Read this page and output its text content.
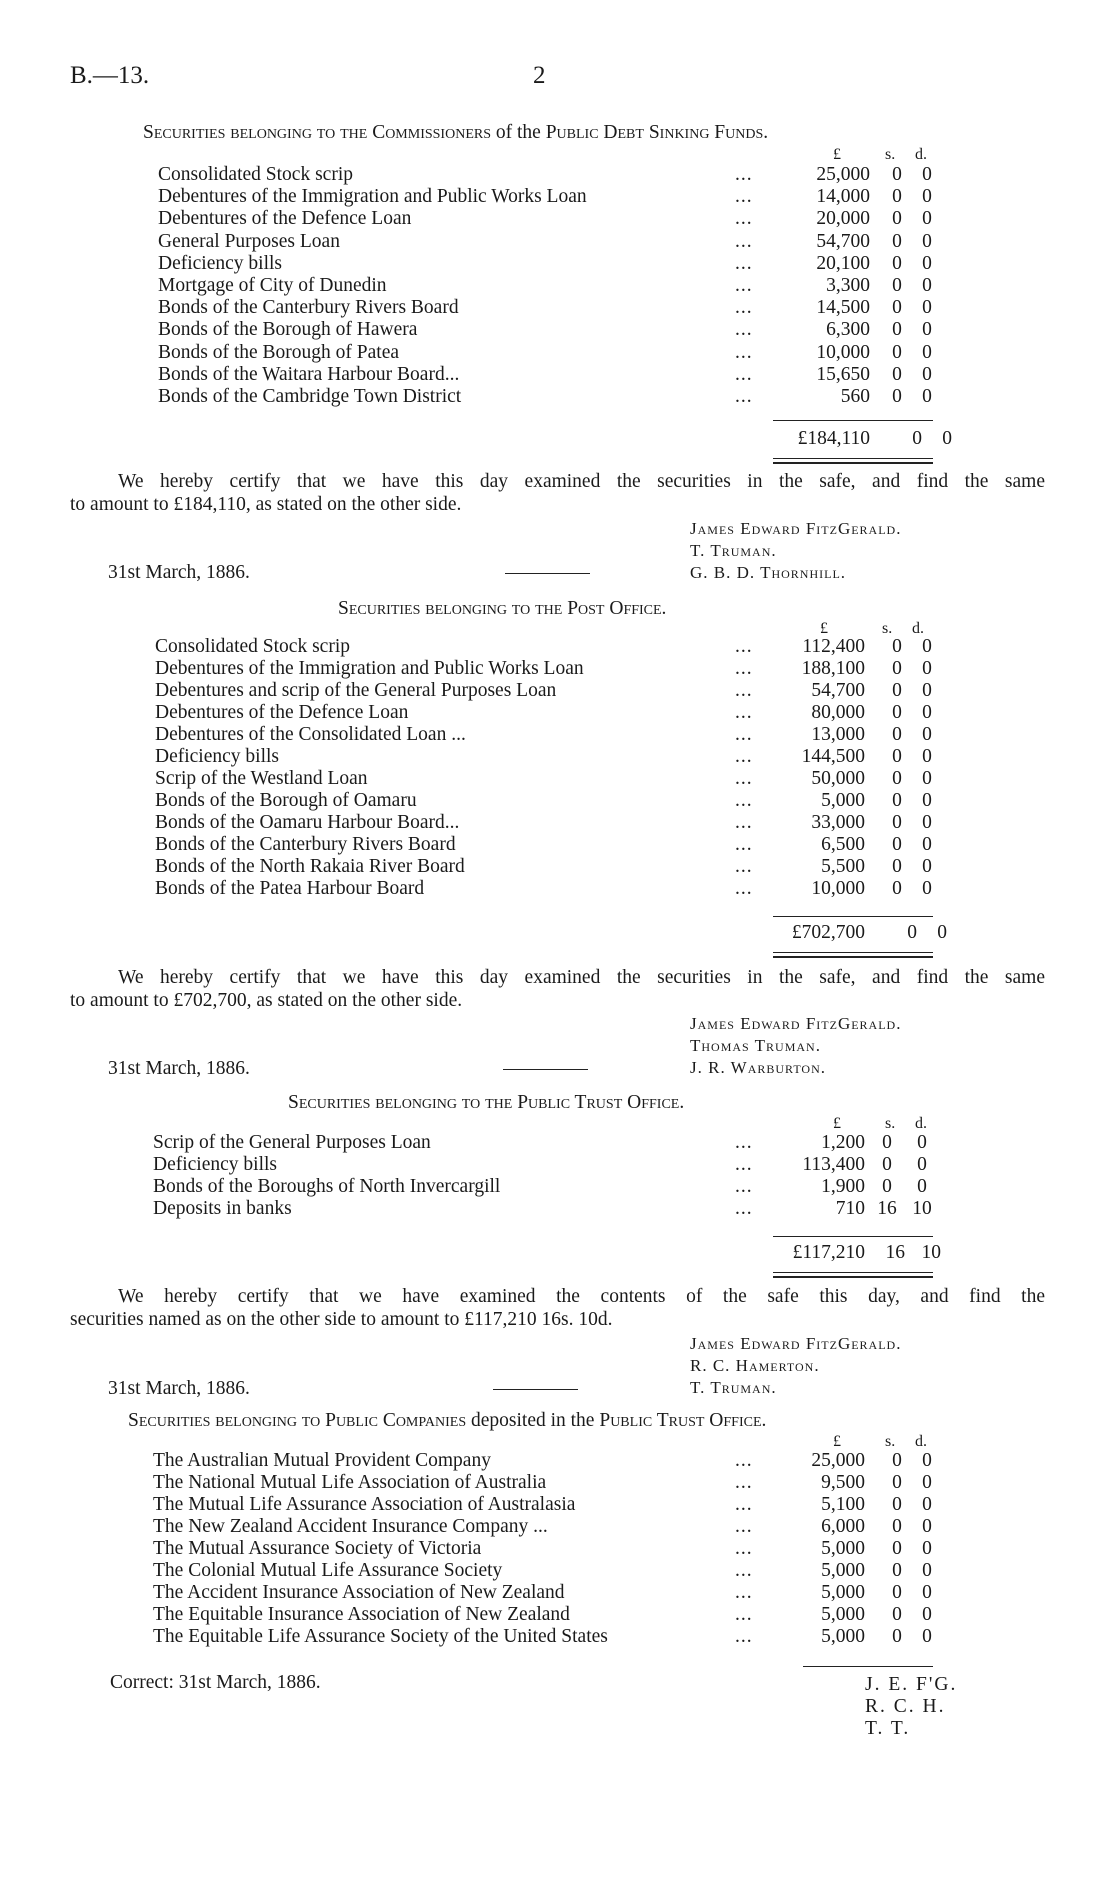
B.—13.	2
Securities belonging to the Commissioners of the Public Debt Sinking Funds.
£	s. d.
Consolidated Stock scrip	...	25,000	0	0
Debentures of the Immigration and Public Works Loan	...	14,000	0	0
Debentures of the Defence Loan	...	20,000	0	0
General Purposes Loan	...	54,700	0	0
Deficiency bills	...	20,100	0	0
Mortgage of City of Dunedin	...	3,300	0	0
Bonds of the Canterbury Rivers Board	...	14,500	0	0
Bonds of the Borough of Hawera	...	6,300	0	0
Bonds of the Borough of Patea	...	10,000	0	0
Bonds of the Waitara Harbour Board...	...	15,650	0	0
Bonds of the Cambridge Town District	...	560	0	0
£184,110 0 0
We hereby certify that we have this day examined the securities in the safe, and find the same
to amount to £184,110, as stated on the other side.
James Edward FitzGerald.
T. Truman.
31st March, 1886.	G. B. D. Thornhill.
Securities belonging to the Post Office.
£	s. d.
Consolidated Stock scrip	...	112,400	0	0
Debentures of the Immigration and Public Works Loan	...	188,100	0	0
Debentures and scrip of the General Purposes Loan	...	54,700	0	0
Debentures of the Defence Loan	...	80,000	0	0
Debentures of the Consolidated Loan ...	...	13,000	0	0
Deficiency bills	...	144,500	0	0
Scrip of the Westland Loan	...	50,000	0	0
Bonds of the Borough of Oamaru	...	5,000	0	0
Bonds of the Oamaru Harbour Board...	...	33,000	0	0
Bonds of the Canterbury Rivers Board	...	6,500	0	0
Bonds of the North Rakaia River Board	...	5,500	0	0
Bonds of the Patea Harbour Board	...	10,000	0	0
£702,700 0 0
We hereby certify that we have this day examined the securities in the safe, and find the same
to amount to £702,700, as stated on the other side.
James Edward FitzGerald.
Thomas Truman.
31st March, 1886.	J. R. Warburton.
Securities belonging to the Public Trust Office.
£	s. d.
Scrip of the General Purposes Loan	...	1,200 0	0
Deficiency bills	...	113,400 0	0
Bonds of the Boroughs of North Invercargill	...	1,900 0	0
Deposits in banks	...	710 16 10
£117,210 16 10
We hereby certify that we have examined the contents of the safe this day, and find the
securities named as on the other side to amount to £117,210 16s. 10d.
James Edward FitzGerald.
R. C. Hamerton.
31st March, 1886.	T. Truman.
Securities belonging to Public Companies deposited in the Public Trust Office.
£	s. d.
The Australian Mutual Provident Company	...	25,000	0	0
The National Mutual Life Association of Australia	...	9,500	0	0
The Mutual Life Assurance Association of Australasia	...	5,100	0	0
The New Zealand Accident Insurance Company ...	...	6,000	0	0
The Mutual Assurance Society of Victoria	...	5,000	0	0
The Colonial Mutual Life Assurance Society	...	5,000	0	0
The Accident Insurance Association of New Zealand	...	5,000	0	0
The Equitable Insurance Association of New Zealand	...	5,000	0	0
The Equitable Life Assurance Society of the United States	...	5,000	0	0
Correct: 31st March, 1886.	J. E. F'G.
R. C. H.
T. T.
